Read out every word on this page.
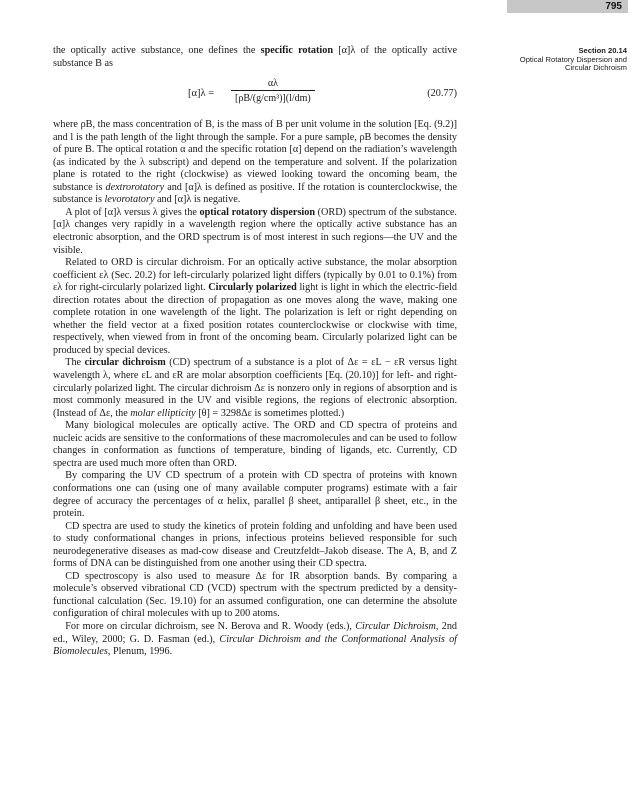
795
Section 20.14
Optical Rotatory Dispersion and
Circular Dichroism

the optically active substance, one defines the specific rotation [α]λ of the optically active substance B as

$[\alpha]\lambda = \frac{\alpha\lambda}{\text{[ρB/(g/cm³)](l/dm)}}$	(20.77)

where ρB, the mass concentration of B, is the mass of B per unit volume in the solution [Eq. (9.2)] and l is the path length of the light through the sample. For a pure sample, ρB becomes the density of pure B. The optical rotation α and the specific rotation [α] depend on the radiation’s wavelength (as indicated by the λ subscript) and depend on the temperature and solvent. If the polarization plane is rotated to the right (clockwise) as viewed looking toward the oncoming beam, the substance is dextrorotatory and [α]λ is defined as positive. If the rotation is counterclockwise, the substance is levorotatory and [α]λ is negative.

A plot of [α]λ versus λ gives the optical rotatory dispersion (ORD) spectrum of the substance. [α]λ changes very rapidly in a wavelength region where the optically active substance has an electronic absorption, and the ORD spectrum is of most interest in such regions—the UV and the visible.

Related to ORD is circular dichroism. For an optically active substance, the molar absorption coefficient ελ (Sec. 20.2) for left-circularly polarized light differs (typically by 0.01 to 0.1%) from ελ for right-circularly polarized light. Circularly polarized light is light in which the electric-field direction rotates about the direction of propagation as one moves along the wave, making one complete rotation in one wavelength of the light. The polarization is left or right depending on whether the field vector at a fixed position rotates counterclockwise or clockwise with time, respectively, when viewed from in front of the oncoming beam. Circularly polarized light can be produced by special devices.

The circular dichroism (CD) spectrum of a substance is a plot of Δε = εL − εR versus light wavelength λ, where εL and εR are molar absorption coefficients [Eq. (20.10)] for left- and right-circularly polarized light. The circular dichroism Δε is nonzero only in regions of absorption and is most commonly measured in the UV and visible regions, the regions of electronic absorption. (Instead of Δε, the molar ellipticity [θ] = 3298Δε is sometimes plotted.)

Many biological molecules are optically active. The ORD and CD spectra of proteins and nucleic acids are sensitive to the conformations of these macromolecules and can be used to follow changes in conformation as functions of temperature, binding of ligands, etc. Currently, CD spectra are used much more often than ORD.

By comparing the UV CD spectrum of a protein with CD spectra of proteins with known conformations one can (using one of many available computer programs) estimate with a fair degree of accuracy the percentages of α helix, parallel β sheet, antiparallel β sheet, etc., in the protein.

CD spectra are used to study the kinetics of protein folding and unfolding and have been used to study conformational changes in prions, infectious proteins believed responsible for such neurodegenerative diseases as mad-cow disease and Creutzfeldt–Jakob disease. The A, B, and Z forms of DNA can be distinguished from one another using their CD spectra.

CD spectroscopy is also used to measure Δε for IR absorption bands. By comparing a molecule’s observed vibrational CD (VCD) spectrum with the spectrum predicted by a density-functional calculation (Sec. 19.10) for an assumed configuration, one can determine the absolute configuration of chiral molecules with up to 200 atoms.

For more on circular dichroism, see N. Berova and R. Woody (eds.), Circular Dichroism, 2nd ed., Wiley, 2000; G. D. Fasman (ed.), Circular Dichroism and the Conformational Analysis of Biomolecules, Plenum, 1996.
